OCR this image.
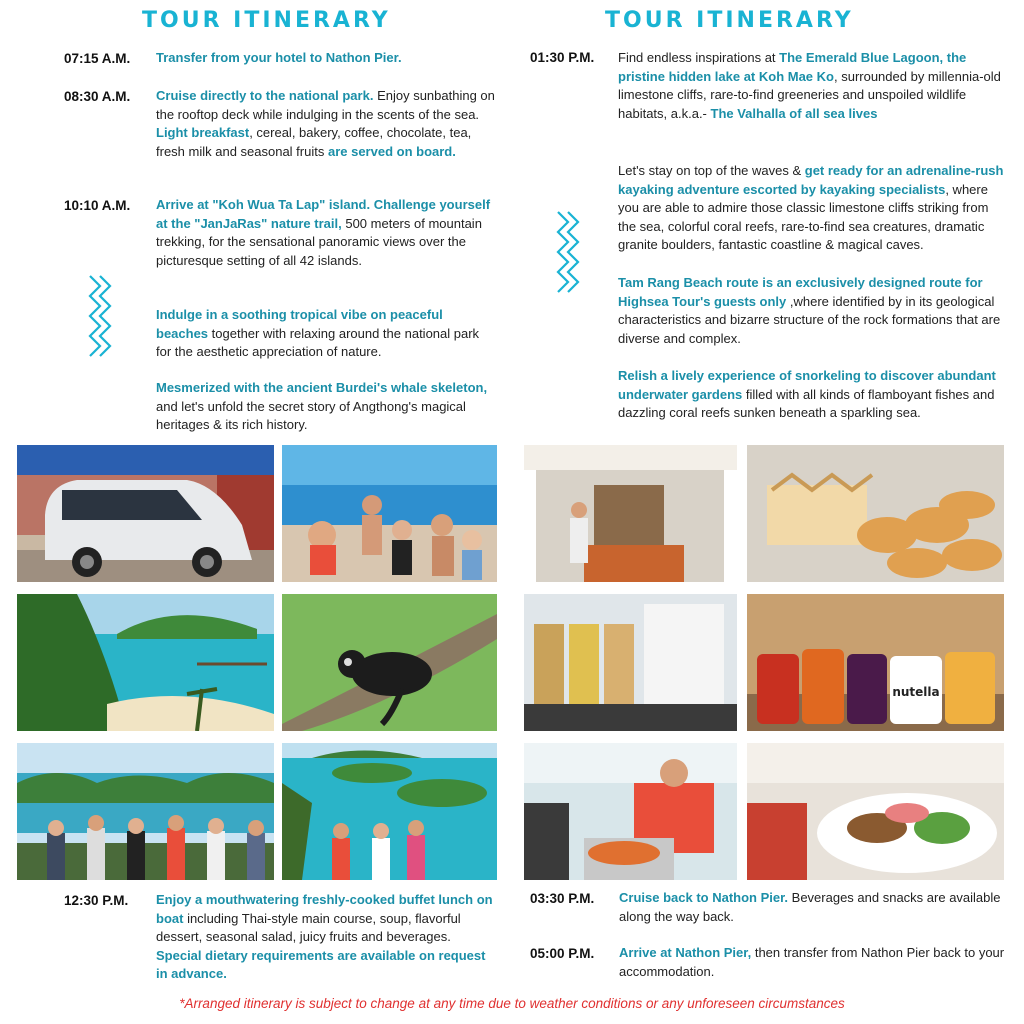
TOUR ITINERARY	TOUR ITINERARY
07:15 A.M. Transfer from your hotel to Nathon Pier.

08:30 A.M. Cruise directly to the national park. Enjoy sunbathing on the rooftop deck while indulging in the scents of the sea. Light breakfast, cereal, bakery, coffee, chocolate, tea, fresh milk and seasonal fruits are served on board.

10:10 A.M. Arrive at "Koh Wua Ta Lap" island. Challenge yourself at the "JanJaRas" nature trail, 500 meters of mountain trekking, for the sensational panoramic views over the picturesque setting of all 42 islands.

Indulge in a soothing tropical vibe on peaceful beaches together with relaxing around the national park for the aesthetic appreciation of nature.

Mesmerized with the ancient Burdei's whale skeleton, and let's unfold the secret story of Angthong's magical heritages & its rich history.

01:30 P.M. Find endless inspirations at The Emerald Blue Lagoon, the pristine hidden lake at Koh Mae Ko, surrounded by millennia-old limestone cliffs, rare-to-find greeneries and unspoiled wildlife habitats, a.k.a.- The Valhalla of all sea lives

Let's stay on top of the waves & get ready for an adrenaline-rush kayaking adventure escorted by kayaking specialists, where you are able to admire those classic limestone cliffs striking from the sea, colorful coral reefs, rare-to-find sea creatures, dramatic granite boulders, fantastic coastline & magical caves.

Tam Rang Beach route is an exclusively designed route for Highsea Tour's guests only ,where identified by in its geological characteristics and bizarre structure of the rock formations that are diverse and complex.

Relish a lively experience of snorkeling to discover abundant underwater gardens filled with all kinds of flamboyant fishes and dazzling coral reefs sunken beneath a sparkling sea.

nutella
12:30 P.M. Enjoy a mouthwatering freshly-cooked buffet lunch on boat including Thai-style main course, soup, flavorful dessert, seasonal salad, juicy fruits and beverages. Special dietary requirements are available on request in advance.

03:30 P.M. Cruise back to Nathon Pier. Beverages and snacks are available along the way back.

05:00 P.M. Arrive at Nathon Pier, then transfer from Nathon Pier back to your accommodation.

*Arranged itinerary is subject to change at any time due to weather conditions or any unforeseen circumstances
